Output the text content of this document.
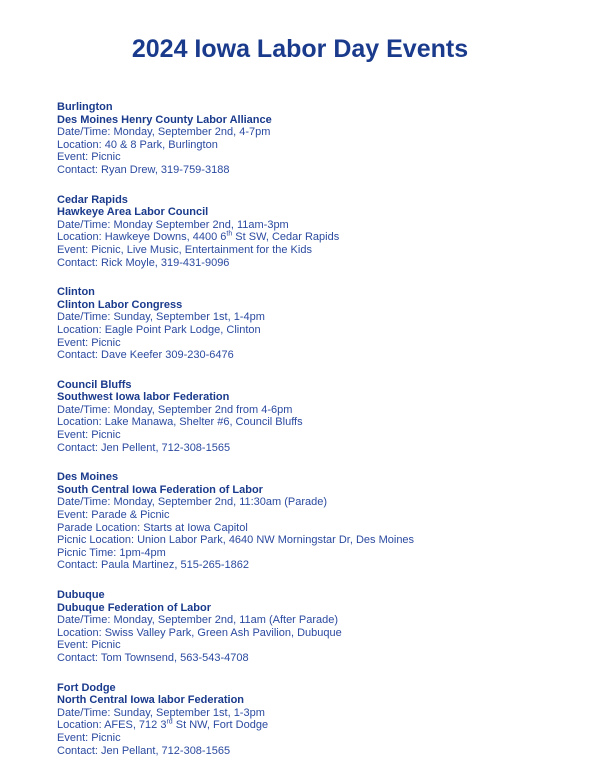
2024 Iowa Labor Day Events
Burlington
Des Moines Henry County Labor Alliance
Date/Time: Monday, September 2nd, 4-7pm
Location: 40 & 8 Park, Burlington
Event: Picnic
Contact: Ryan Drew, 319-759-3188
Cedar Rapids
Hawkeye Area Labor Council
Date/Time: Monday September 2nd, 11am-3pm
Location: Hawkeye Downs, 4400 6th St SW, Cedar Rapids
Event: Picnic, Live Music, Entertainment for the Kids
Contact: Rick Moyle, 319-431-9096
Clinton
Clinton Labor Congress
Date/Time: Sunday, September 1st, 1-4pm
Location: Eagle Point Park Lodge, Clinton
Event: Picnic
Contact: Dave Keefer 309-230-6476
Council Bluffs
Southwest Iowa labor Federation
Date/Time: Monday, September 2nd from 4-6pm
Location: Lake Manawa, Shelter #6, Council Bluffs
Event: Picnic
Contact: Jen Pellent, 712-308-1565
Des Moines
South Central Iowa Federation of Labor
Date/Time: Monday, September 2nd, 11:30am (Parade)
Event: Parade & Picnic
Parade Location: Starts at Iowa Capitol
Picnic Location: Union Labor Park, 4640 NW Morningstar Dr, Des Moines
Picnic Time: 1pm-4pm
Contact: Paula Martinez, 515-265-1862
Dubuque
Dubuque Federation of Labor
Date/Time: Monday, September 2nd, 11am (After Parade)
Location: Swiss Valley Park, Green Ash Pavilion, Dubuque
Event: Picnic
Contact: Tom Townsend, 563-543-4708
Fort Dodge
North Central Iowa labor Federation
Date/Time: Sunday, September 1st, 1-3pm
Location: AFES, 712 3rd St NW, Fort Dodge
Event: Picnic
Contact: Jen Pellant, 712-308-1565
